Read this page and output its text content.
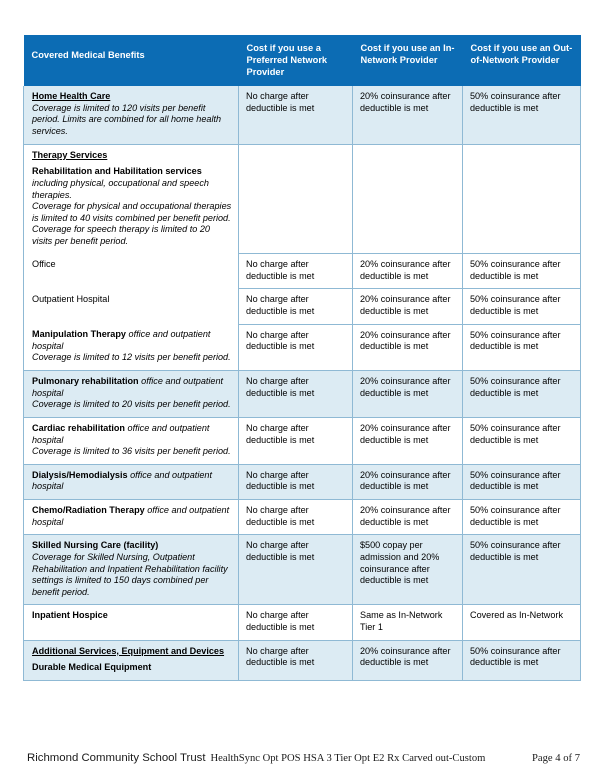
Covered Medical Benefits	Cost if you use a Preferred Network Provider	Cost if you use an In-Network Provider	Cost if you use an Out-of-Network Provider

Home Health Care
Coverage is limited to 120 visits per benefit period. Limits are combined for all home health services.	No charge after deductible is met	20% coinsurance after deductible is met	50% coinsurance after deductible is met

Therapy Services
Rehabilitation and Habilitation services
including physical, occupational and speech therapies.
Coverage for physical and occupational therapies is limited to 40 visits combined per benefit period. Coverage for speech therapy is limited to 20 visits per benefit period.			

Office	No charge after deductible is met	20% coinsurance after deductible is met	50% coinsurance after deductible is met

Outpatient Hospital	No charge after deductible is met	20% coinsurance after deductible is met	50% coinsurance after deductible is met
Manipulation Therapy office and outpatient hospital
Coverage is limited to 12 visits per benefit period.	No charge after deductible is met	20% coinsurance after deductible is met	50% coinsurance after deductible is met
Pulmonary rehabilitation office and outpatient hospital
Coverage is limited to 20 visits per benefit period.	No charge after deductible is met	20% coinsurance after deductible is met	50% coinsurance after deductible is met
Cardiac rehabilitation office and outpatient hospital
Coverage is limited to 36 visits per benefit period.	No charge after deductible is met	20% coinsurance after deductible is met	50% coinsurance after deductible is met
Dialysis/Hemodialysis office and outpatient hospital	No charge after deductible is met	20% coinsurance after deductible is met	50% coinsurance after deductible is met
Chemo/Radiation Therapy office and outpatient hospital	No charge after deductible is met	20% coinsurance after deductible is met	50% coinsurance after deductible is met

Skilled Nursing Care (facility)
Coverage for Skilled Nursing, Outpatient Rehabilitation and Inpatient Rehabilitation facility settings is limited to 150 days combined per benefit period.	No charge after deductible is met	$500 copay per admission and 20% coinsurance after deductible is met	50% coinsurance after deductible is met

Inpatient Hospice	No charge after deductible is met	Same as In-Network Tier 1	Covered as In-Network

Additional Services, Equipment and Devices
Durable Medical Equipment	No charge after deductible is met	20% coinsurance after deductible is met	50% coinsurance after deductible is met
Richmond Community School Trust HealthSync Opt POS HSA 3 Tier Opt E2 Rx Carved out-Custom	Page 4 of 7
